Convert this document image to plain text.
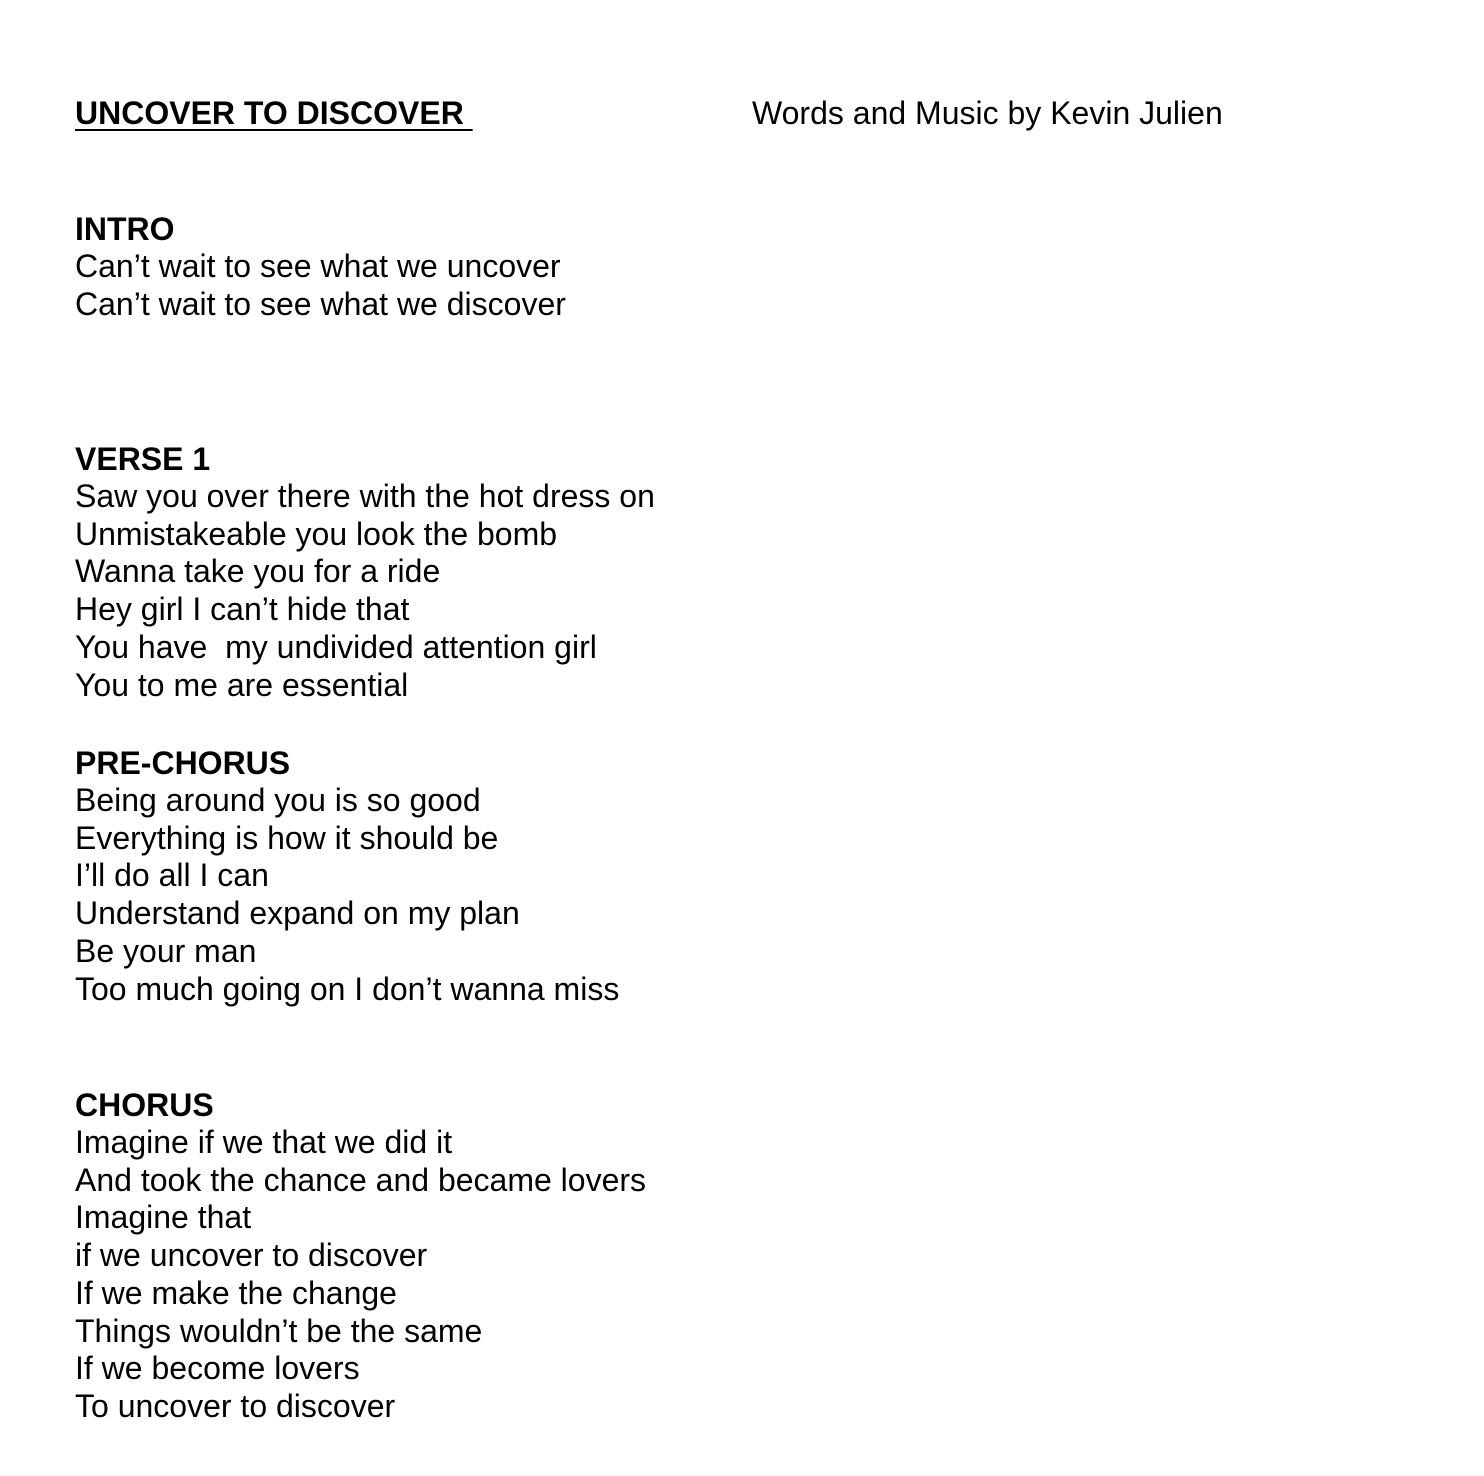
UNCOVER TO DISCOVER	Words and Music by Kevin Julien

INTRO

Can’t wait to see what we uncover

Can’t wait to see what we discover

VERSE 1

Saw you over there with the hot dress on

Unmistakeable you look the bomb

Wanna take you for a ride

Hey girl I can’t hide that

You have  my undivided attention girl

You to me are essential

PRE-CHORUS

Being around you is so good

Everything is how it should be

I’ll do all I can

Understand expand on my plan

Be your man

Too much going on I don’t wanna miss

CHORUS

Imagine if we that we did it

And took the chance and became lovers

Imagine that

if we uncover to discover

If we make the change

Things wouldn’t be the same

If we become lovers

To uncover to discover
